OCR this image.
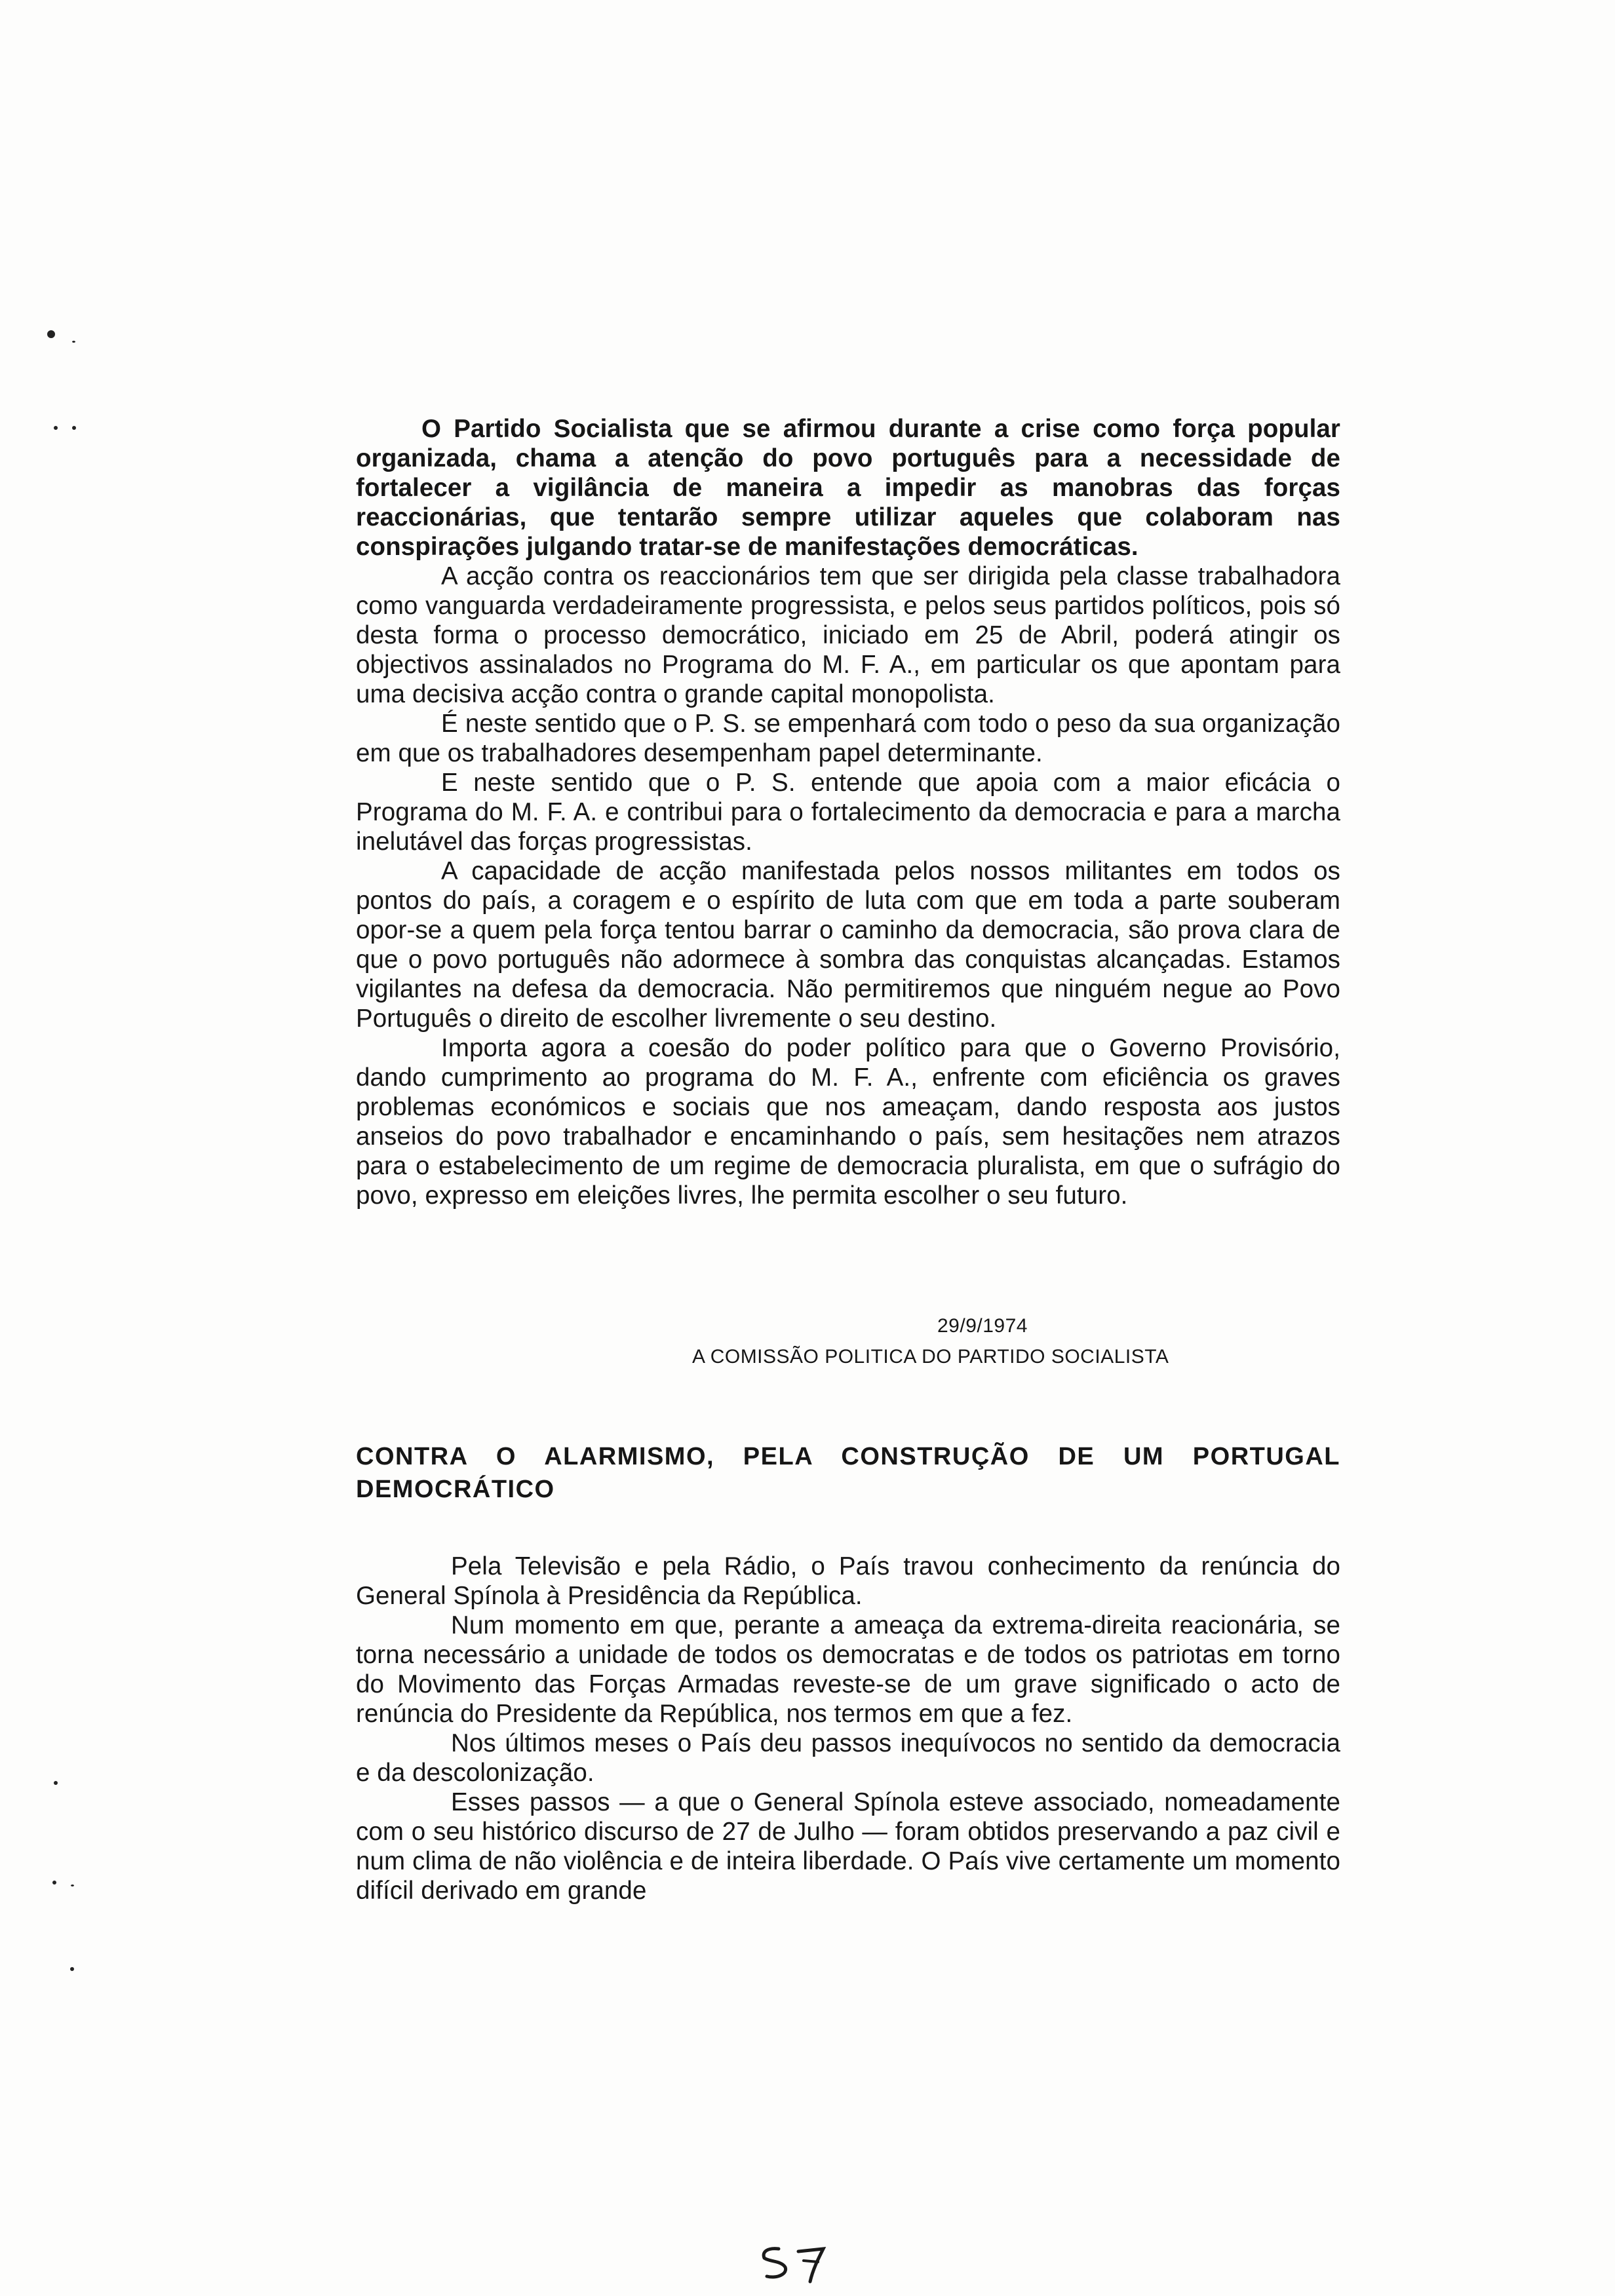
O Partido Socialista que se afirmou durante a crise como força popular organizada, chama a atenção do povo português para a necessidade de fortalecer a vigilância de maneira a impedir as manobras das forças reaccionárias, que tentarão sempre utilizar aqueles que colaboram nas conspirações julgando tratar-se de manifestações democráticas.

A acção contra os reaccionários tem que ser dirigida pela classe trabalhadora como vanguarda verdadeiramente progressista, e pelos seus partidos políticos, pois só desta forma o processo democrático, iniciado em 25 de Abril, poderá atingir os objectivos assinalados no Programa do M. F. A., em particular os que apontam para uma decisiva acção contra o grande capital monopolista.

É neste sentido que o P. S. se empenhará com todo o peso da sua organização em que os trabalhadores desempenham papel determinante.

E neste sentido que o P. S. entende que apoia com a maior eficácia o Programa do M. F. A. e contribui para o fortalecimento da democracia e para a marcha inelutável das forças progressistas.

A capacidade de acção manifestada pelos nossos militantes em todos os pontos do país, a coragem e o espírito de luta com que em toda a parte souberam opor-se a quem pela força tentou barrar o caminho da democracia, são prova clara de que o povo português não adormece à sombra das conquistas alcançadas. Estamos vigilantes na defesa da democracia. Não permitiremos que ninguém negue ao Povo Português o direito de escolher livremente o seu destino.

Importa agora a coesão do poder político para que o Governo Provisório, dando cumprimento ao programa do M. F. A., enfrente com eficiência os graves problemas económicos e sociais que nos ameaçam, dando resposta aos justos anseios do povo trabalhador e encaminhando o país, sem hesitações nem atrazos para o estabelecimento de um regime de democracia pluralista, em que o sufrágio do povo, expresso em eleições livres, lhe permita escolher o seu futuro.

29/9/1974
A COMISSÃO POLITICA DO PARTIDO SOCIALISTA
CONTRA O ALARMISMO, PELA CONSTRUÇÃO DE UM PORTUGAL DEMOCRÁTICO

Pela Televisão e pela Rádio, o País travou conhecimento da renúncia do General Spínola à Presidência da República.

Num momento em que, perante a ameaça da extrema-direita reacionária, se torna necessário a unidade de todos os democratas e de todos os patriotas em torno do Movimento das Forças Armadas reveste-se de um grave significado o acto de renúncia do Presidente da República, nos termos em que a fez.

Nos últimos meses o País deu passos inequívocos no sentido da democracia e da descolonização.

Esses passos — a que o General Spínola esteve associado, nomeadamente com o seu histórico discurso de 27 de Julho — foram obtidos preservando a paz civil e num clima de não violência e de inteira liberdade. O País vive certamente um momento difícil derivado em grande
